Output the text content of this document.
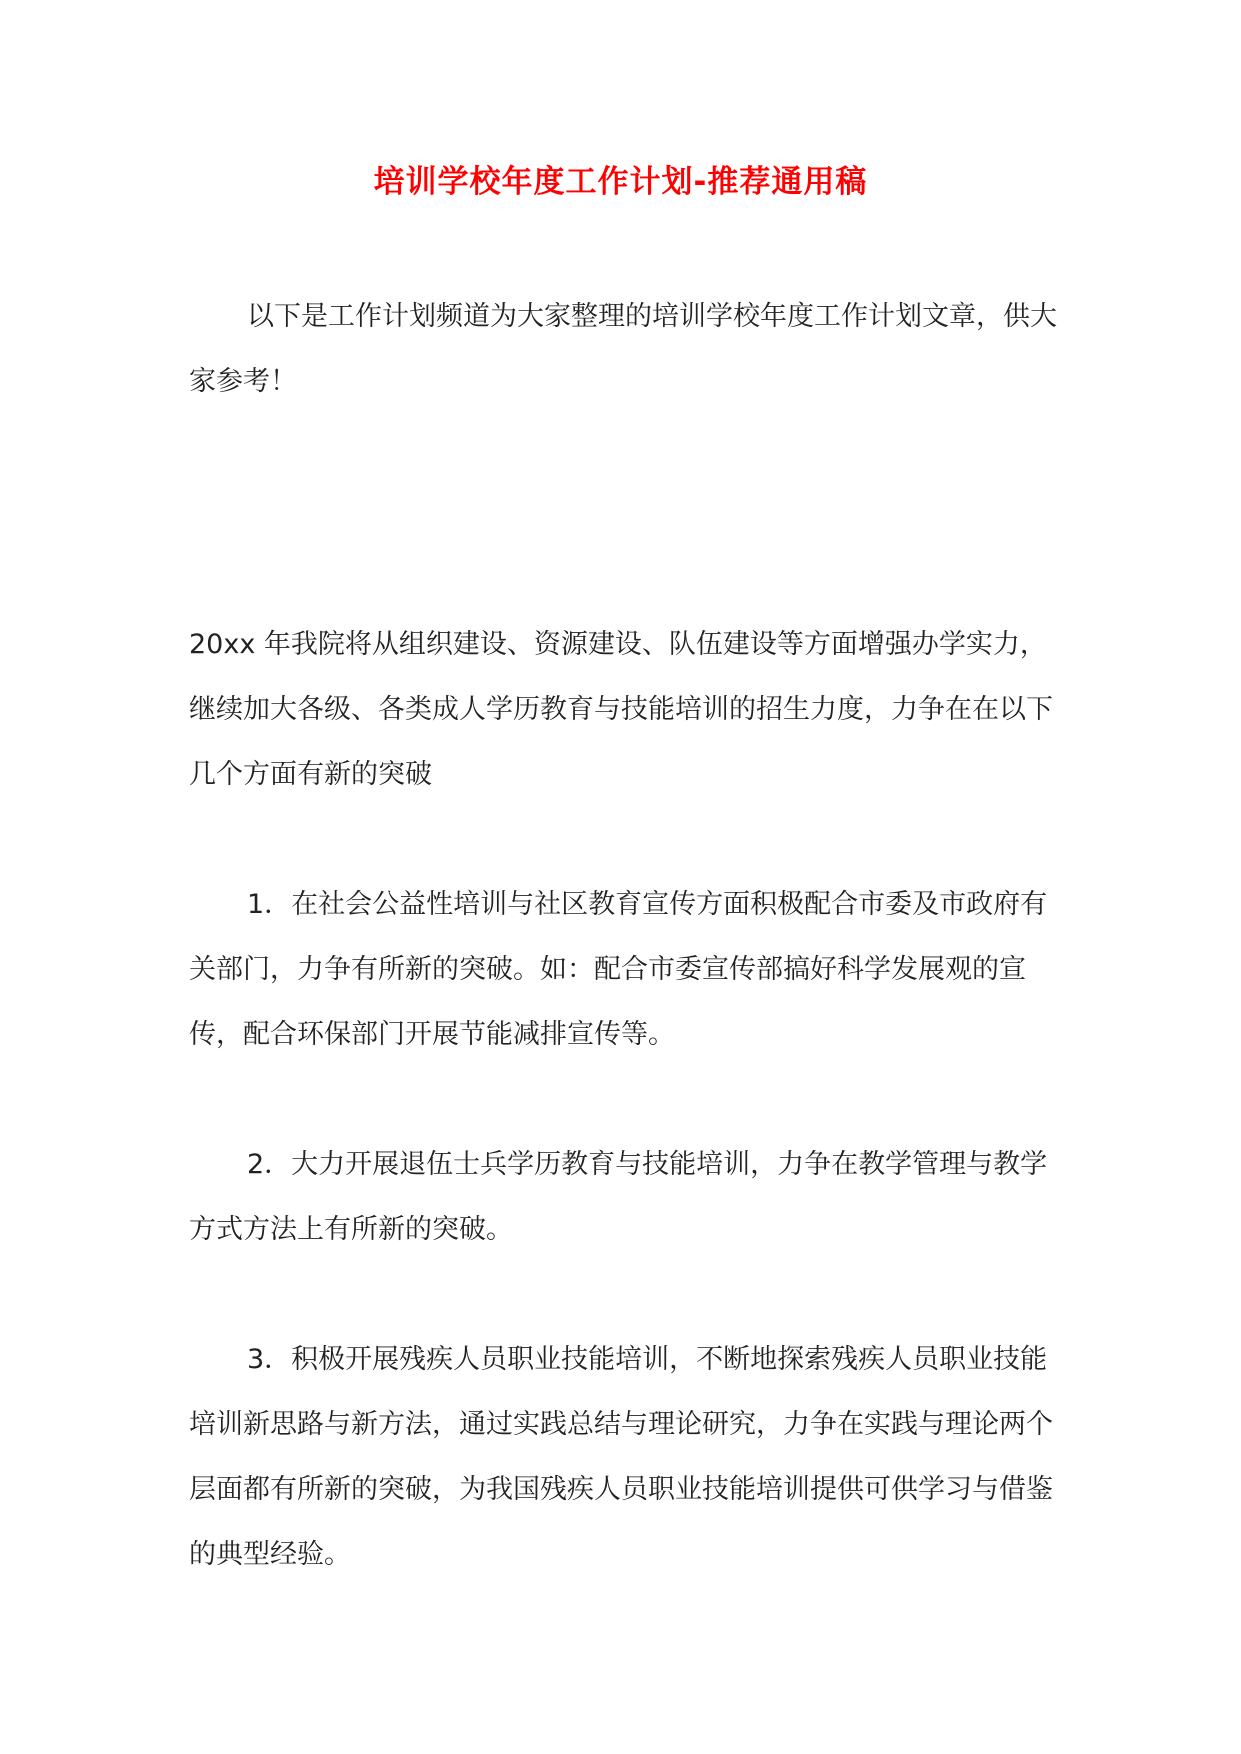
培训学校年度工作计划-推荐通用稿

以下是工作计划频道为大家整理的培训学校年度工作计划文章，供大家参考！

20xx 年我院将从组织建设、资源建设、队伍建设等方面增强办学实力，继续加大各级、各类成人学历教育与技能培训的招生力度，力争在在以下几个方面有新的突破

1．在社会公益性培训与社区教育宣传方面积极配合市委及市政府有关部门，力争有所新的突破。如：配合市委宣传部搞好科学发展观的宣传，配合环保部门开展节能减排宣传等。

2．大力开展退伍士兵学历教育与技能培训，力争在教学管理与教学方式方法上有所新的突破。

3．积极开展残疾人员职业技能培训，不断地探索残疾人员职业技能培训新思路与新方法，通过实践总结与理论研究，力争在实践与理论两个层面都有所新的突破，为我国残疾人员职业技能培训提供可供学习与借鉴的典型经验。
